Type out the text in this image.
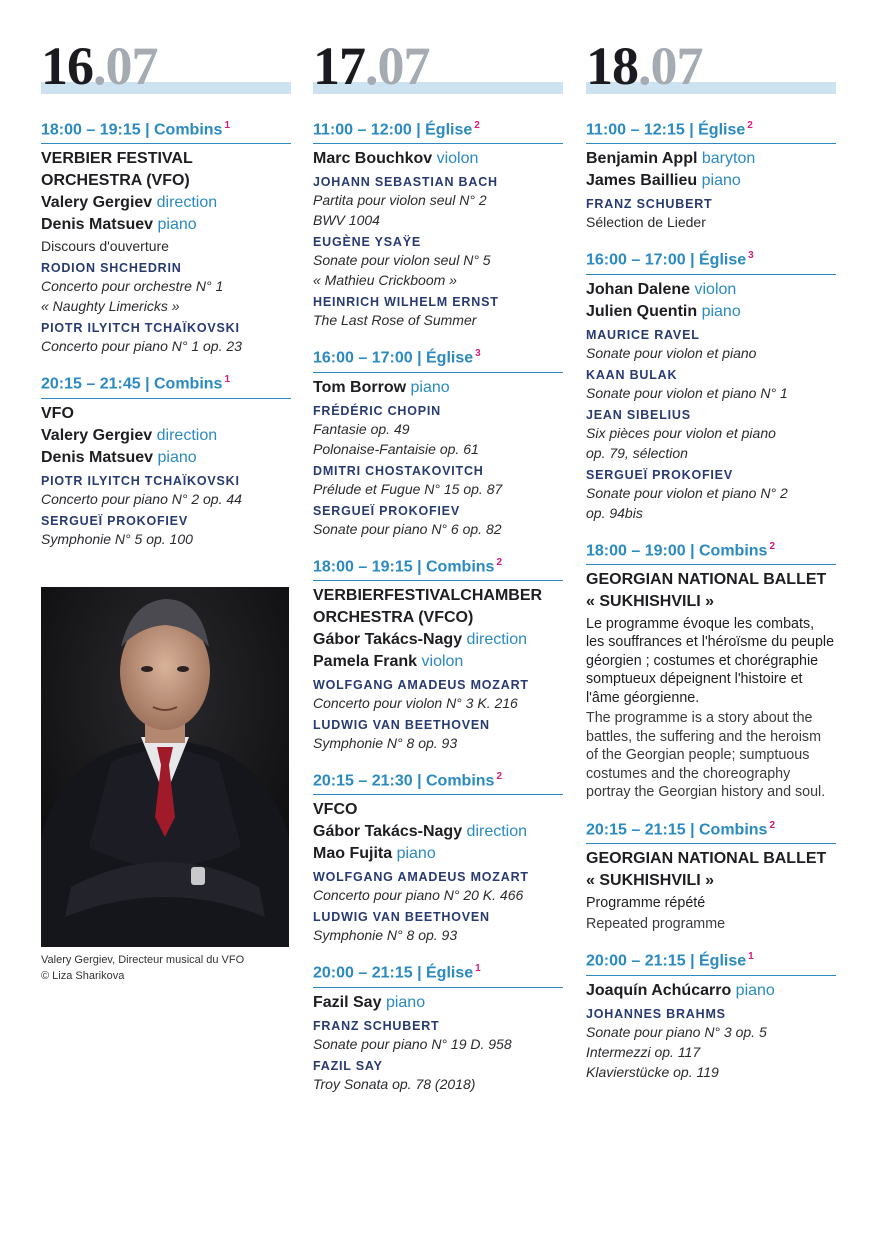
16.07
18:00 – 19:15 | Combins $^1$
VERBIER FESTIVAL ORCHESTRA (VFO)
Valery Gergiev direction
Denis Matsuev piano
Discours d'ouverture
RODION SHCHEDRIN
Concerto pour orchestre N° 1
« Naughty Limericks »
PIOTR ILYITCH TCHAÏKOVSKI
Concerto pour piano N° 1 op. 23
20:15 – 21:45 | Combins $^1$
VFO
Valery Gergiev direction
Denis Matsuev piano
PIOTR ILYITCH TCHAÏKOVSKI
Concerto pour piano N° 2 op. 44
SERGUEÏ PROKOFIEV
Symphonie N° 5 op. 100
17.07
11:00 – 12:00 | Église $^2$
Marc Bouchkov violon
JOHANN SEBASTIAN BACH
Partita pour violon seul N° 2
BWV 1004
EUGÈNE YSAŸE
Sonate pour violon seul N° 5
« Mathieu Crickboom »
HEINRICH WILHELM ERNST
The Last Rose of Summer
16:00 – 17:00 | Église $^3$
Tom Borrow piano
FRÉDÉRIC CHOPIN
Fantasie op. 49
Polonaise-Fantaisie op. 61
DMITRI CHOSTAKOVITCH
Prélude et Fugue N° 15 op. 87
SERGUEÏ PROKOFIEV
Sonate pour piano N° 6 op. 82
18:00 – 19:15 | Combins $^2$
VERBIERFESTIVALCHAMBER ORCHESTRA (VFCO)
Gábor Takács-Nagy direction
Pamela Frank violon
WOLFGANG AMADEUS MOZART
Concerto pour violon N° 3 K. 216
LUDWIG VAN BEETHOVEN
Symphonie N° 8 op. 93
20:15 – 21:30 | Combins $^2$
VFCO
Gábor Takács-Nagy direction
Mao Fujita piano
WOLFGANG AMADEUS MOZART
Concerto pour piano N° 20 K. 466
LUDWIG VAN BEETHOVEN
Symphonie N° 8 op. 93
20:00 – 21:15 | Église $^1$
Fazil Say piano
FRANZ SCHUBERT
Sonate pour piano N° 19 D. 958
FAZIL SAY
Troy Sonata op. 78 (2018)
18.07
11:00 – 12:15 | Église $^2$
Benjamin Appl baryton
James Baillieu piano
FRANZ SCHUBERT
Sélection de Lieder
16:00 – 17:00 | Église $^3$
Johan Dalene violon
Julien Quentin piano
MAURICE RAVEL
Sonate pour violon et piano
KAAN BULAK
Sonate pour violon et piano N° 1
JEAN SIBELIUS
Six pièces pour violon et piano
op. 79, sélection
SERGUEÏ PROKOFIEV
Sonate pour violon et piano N° 2
op. 94bis
18:00 – 19:00 | Combins $^2$
GEORGIAN NATIONAL BALLET « SUKHISHVILI »
Le programme évoque les combats, les souffrances et l'héroïsme du peuple géorgien ; costumes et chorégraphie somptueux dépeignent l'histoire et l'âme géorgienne.
The programme is a story about the battles, the suffering and the heroism of the Georgian people; sumptuous costumes and the choreography portray the Georgian history and soul.
20:15 – 21:15 | Combins $^2$
GEORGIAN NATIONAL BALLET « SUKHISHVILI »
Programme répété
Repeated programme
20:00 – 21:15 | Église $^1$
Joaquín Achúcarro piano
JOHANNES BRAHMS
Sonate pour piano N° 3 op. 5
Intermezzi op. 117
Klavierstücke op. 119
Valery Gergiev, Directeur musical du VFO
© Liza Sharikova
